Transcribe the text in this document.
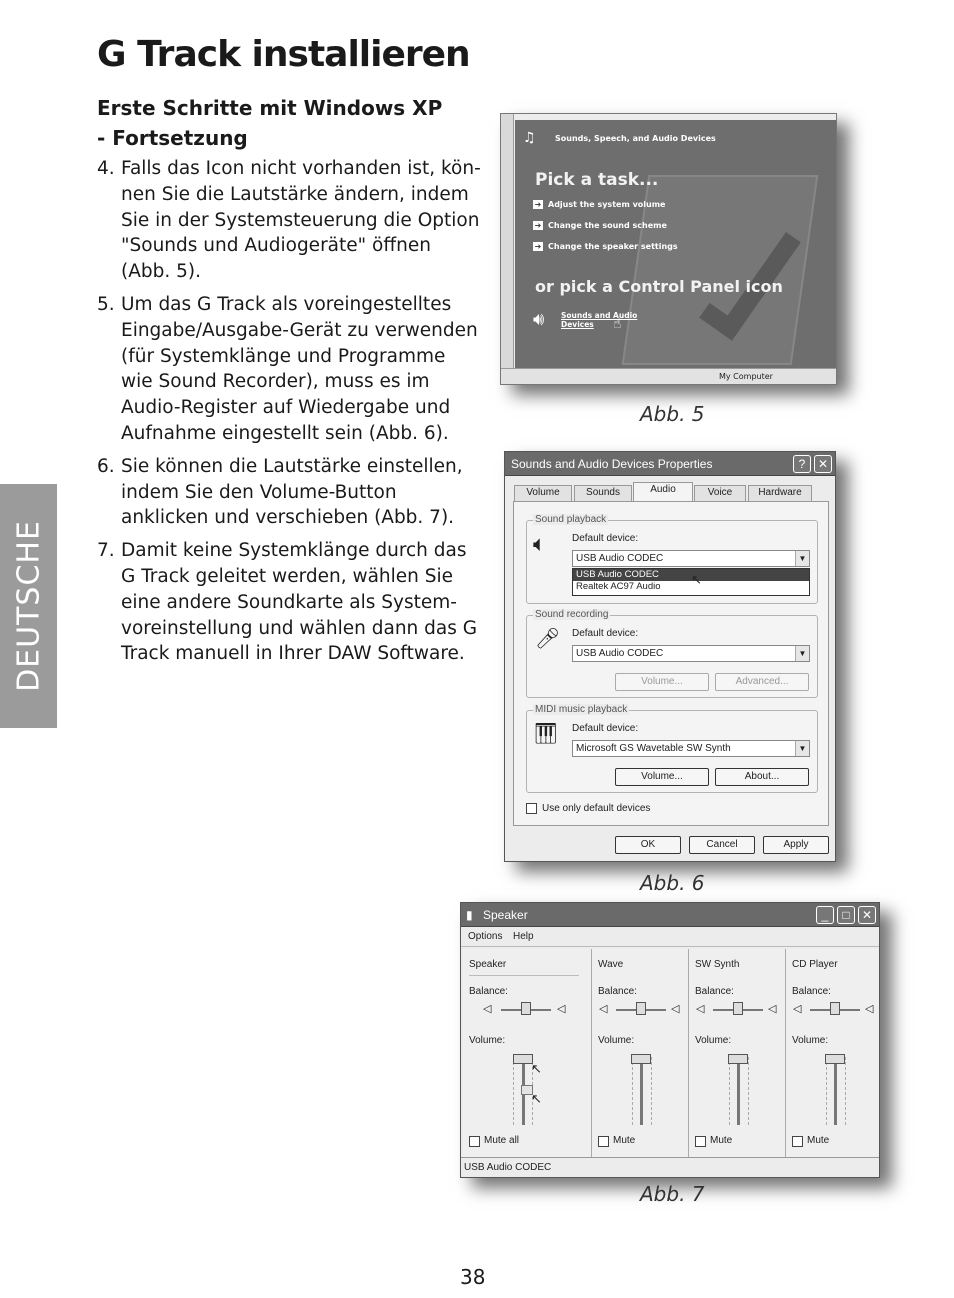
G Track installieren
Erste Schritte mit Windows XP - Fortsetzung
4. Falls das Icon nicht vorhanden ist, kön-nen Sie die Lautstärke ändern, indem Sie in der Systemsteuerung die Option "Sounds und Audiogeräte" öffnen (Abb. 5).
5. Um das G Track als voreingestelltes Eingabe/Ausgabe-Gerät zu verwenden (für Systemklänge und Programme wie Sound Recorder), muss es im Audio-Register auf Wiedergabe und Aufnahme eingestellt sein (Abb. 6).
6. Sie können die Lautstärke einstellen, indem Sie den Volume-Button anklicken und verschieben (Abb. 7).
7. Damit keine Systemklänge durch das G Track geleitet werden, wählen Sie eine andere Soundkarte als System-voreinstellung und wählen dann das G Track manuell in Ihrer DAW Software.
DEUTSCHE
♫ Sounds, Speech, and Audio Devices
Pick a task...
➜ Adjust the system volume
➜ Change the sound scheme
➜ Change the speaker settings
or pick a Control Panel icon
🔊︎ Sounds and Audio Devices	☝︎
My Computer
Abb. 5
Sounds and Audio Devices Properties	?	✕
Volume	Sounds	Audio	Voice	Hardware
Sound playback
🔈︎	Default device:
USB Audio CODEC	▼
USB Audio CODEC
Realtek AC97 Audio	↖
Sound recording
🎤︎ Default device:
USB Audio CODEC	▼
Volume...	Advanced...
MIDI music playback
🎹︎ Default device:
Microsoft GS Wavetable SW Synth	▼
Volume...	About...
Use only default devices
OK	Cancel	Apply
Abb. 6
▮ Speaker	_	□	✕
Options Help
Speaker
Balance:
◁	◁
Volume:
↖
↖
Mute all
Wave
Balance:
◁	◁
Volume:
Mute
SW Synth
Balance:
◁	◁
Volume:
Mute
CD Player
Balance:
◁	◁
Volume:
Mute
USB Audio CODEC
Abb. 7
38
